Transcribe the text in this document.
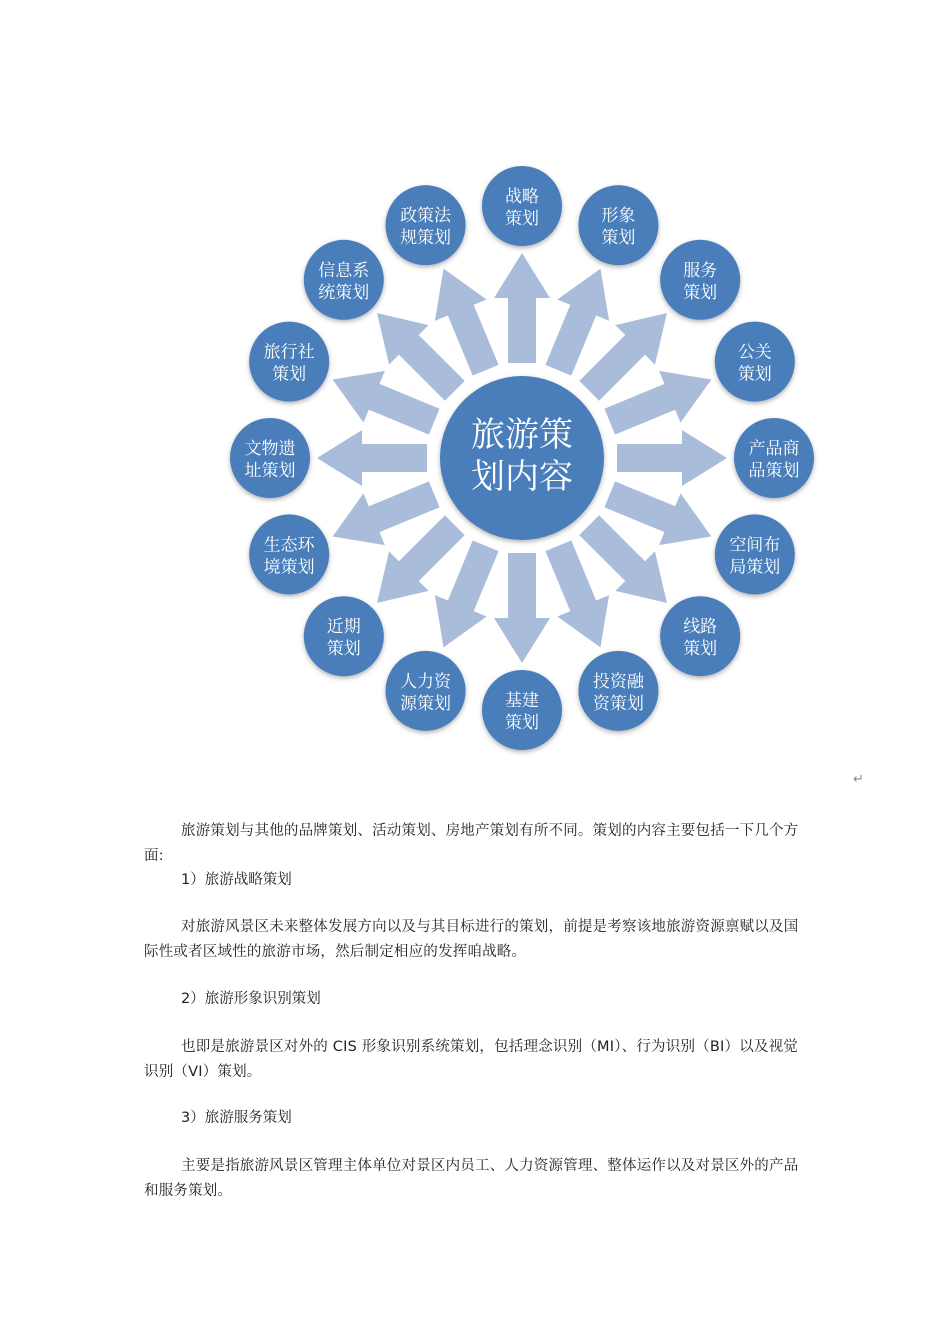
战略
策划	形象
策划
服务
策划
公关
策划
产品商
品策划
空间布
局策划
线路
策划
投资融
资策划
基建
策划
人力资
源策划
近期
策划
生态环
境策划
文物遗
址策划
旅行社
策划
信息系
统策划
政策法
规策划
旅游策
划内容
↵

旅游策划与其他的品牌策划、活动策划、房地产策划有所不同。策划的内容主要包括一下几个方面:

1）旅游战略策划

对旅游风景区未来整体发展方向以及与其目标进行的策划，前提是考察该地旅游资源禀赋以及国际性或者区域性的旅游市场，然后制定相应的发挥咱战略。

2）旅游形象识别策划

也即是旅游景区对外的 CIS 形象识别系统策划，包括理念识别（MI）、行为识别（BI）以及视觉识别（VI）策划。

3）旅游服务策划

主要是指旅游风景区管理主体单位对景区内员工、人力资源管理、整体运作以及对景区外的产品和服务策划。
